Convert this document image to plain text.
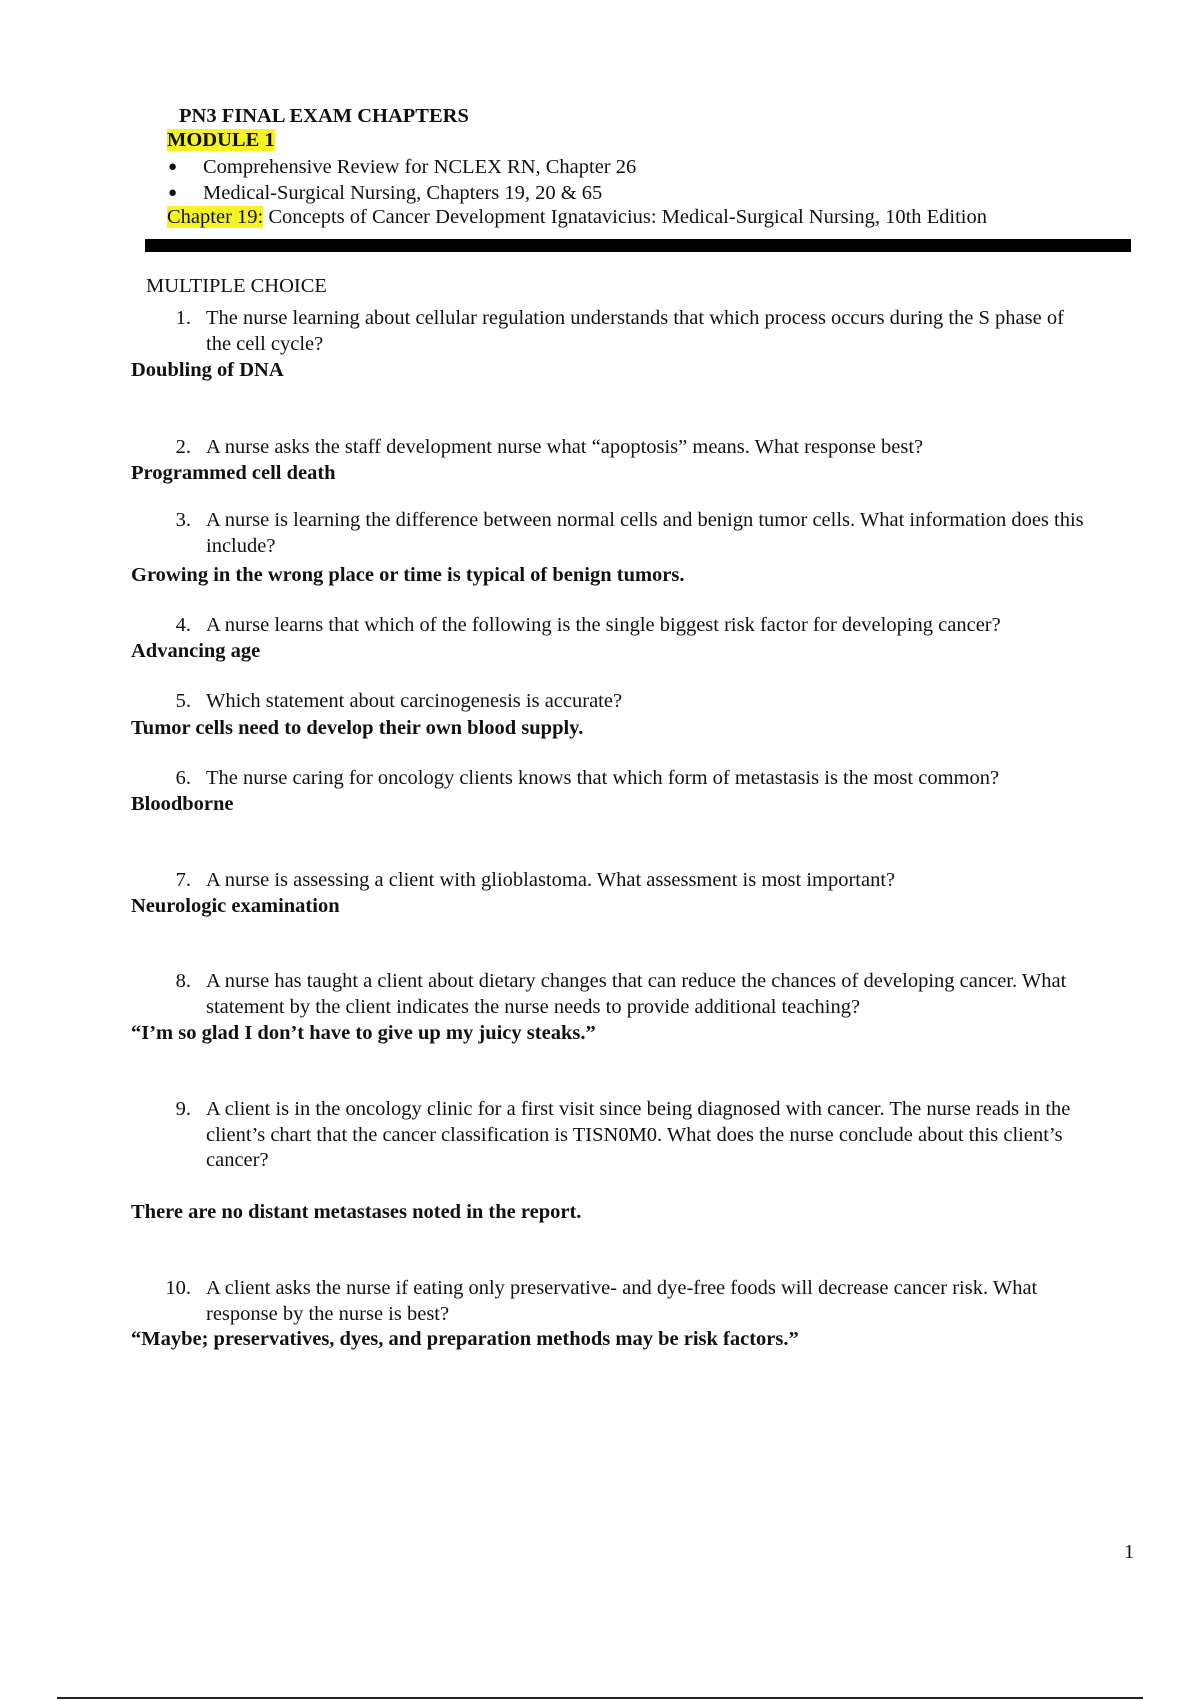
PN3 FINAL EXAM CHAPTERS
MODULE 1
● Comprehensive Review for NCLEX RN, Chapter 26
● Medical-Surgical Nursing, Chapters 19, 20 & 65
Chapter 19: Concepts of Cancer Development Ignatavicius: Medical-Surgical Nursing, 10th Edition
MULTIPLE CHOICE
1. The nurse learning about cellular regulation understands that which process occurs during the S phase of the cell cycle?
Doubling of DNA
2. A nurse asks the staff development nurse what “apoptosis” means. What response best?
Programmed cell death
3. A nurse is learning the difference between normal cells and benign tumor cells. What information does this include?
Growing in the wrong place or time is typical of benign tumors.
4. A nurse learns that which of the following is the single biggest risk factor for developing cancer?
Advancing age
5. Which statement about carcinogenesis is accurate?
Tumor cells need to develop their own blood supply.
6. The nurse caring for oncology clients knows that which form of metastasis is the most common?
Bloodborne
7. A nurse is assessing a client with glioblastoma. What assessment is most important?
Neurologic examination
8. A nurse has taught a client about dietary changes that can reduce the chances of developing cancer. What statement by the client indicates the nurse needs to provide additional teaching?
“I’m so glad I don’t have to give up my juicy steaks.”
9. A client is in the oncology clinic for a first visit since being diagnosed with cancer. The nurse reads in the client’s chart that the cancer classification is TISN0M0. What does the nurse conclude about this client’s cancer?
There are no distant metastases noted in the report.
10. A client asks the nurse if eating only preservative- and dye-free foods will decrease cancer risk. What response by the nurse is best?
“Maybe; preservatives, dyes, and preparation methods may be risk factors.”
1
